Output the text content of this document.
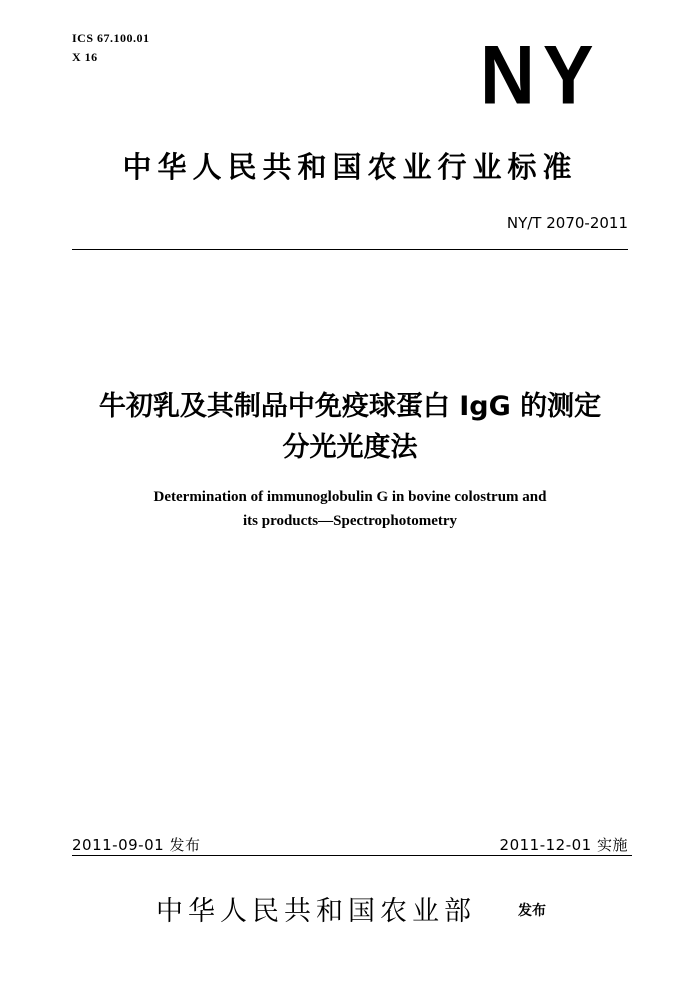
ICS 67.100.01
X 16	NY
中华人民共和国农业行业标准
NY/T 2070-2011
牛初乳及其制品中免疫球蛋白 IgG 的测定
分光光度法
Determination of immunoglobulin G in bovine colostrum and
its products—Spectrophotometry
2011-09-01 发布	2011-12-01 实施
中华人民共和国农业部	发布
